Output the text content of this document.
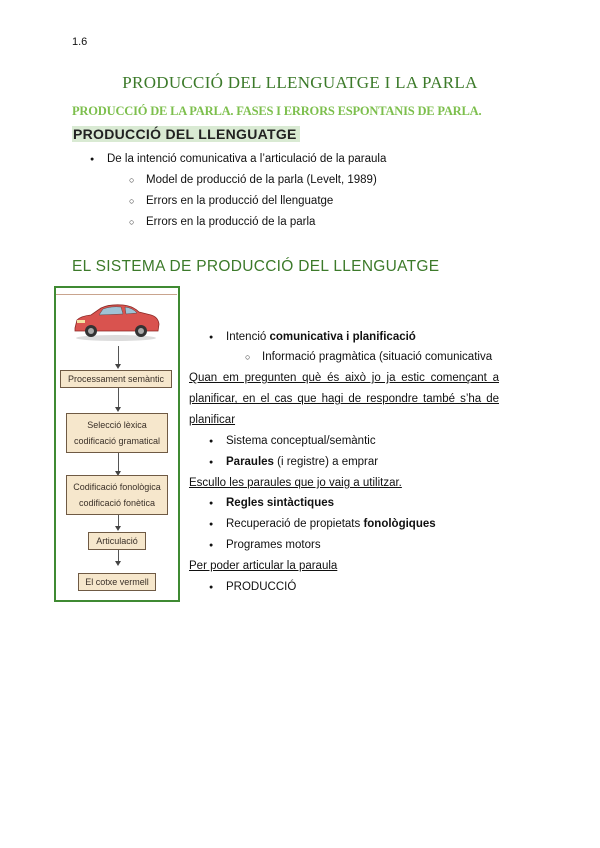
1.6
PRODUCCIÓ DEL LLENGUATGE I LA PARLA
PRODUCCIÓ DE LA PARLA. FASES I ERRORS ESPONTANIS DE PARLA.
PRODUCCIÓ DEL LLENGUATGE
● De la intenció comunicativa a l’articulació de la paraula
○ Model de producció de la parla (Levelt, 1989)
○ Errors en la producció del llenguatge
○ Errors en la producció de la parla
EL SISTEMA DE PRODUCCIÓ DEL LLENGUATGE
Processament semàntic
Selecció lèxica
codificació gramatical
Codificació fonològica
codificació fonètica
Articulació
El cotxe vermell
● Intenció comunicativa i planificació
○ Informació pragmàtica (situació comunicativa
Quan em pregunten què és això jo ja estic començant a
planificar, en el cas que hagi de respondre també s’ha de
planificar
● Sistema conceptual/semàntic
● Paraules (i registre) a emprar
Escullo les paraules que jo vaig a utilitzar.
● Regles sintàctiques
● Recuperació de propietats fonològiques
● Programes motors
Per poder articular la paraula
● PRODUCCIÓ
